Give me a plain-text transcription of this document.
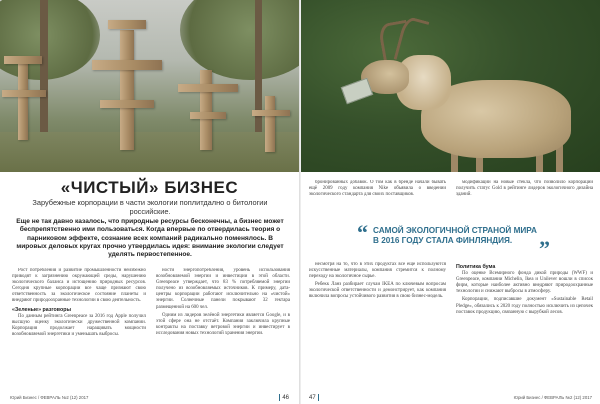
«ЧИСТЫЙ» БИЗНЕС
Зарубежные корпорации в части экологии поплитдално о битологии российские.
Еще не так давно казалось, что природные ресурсы бесконечны, а бизнес может беспрепятственно ими пользоваться. Когда впервые по отвердилась теория о парниковом эффекте, сознание всех компаний радикально поменялось. В мировых деловых кругах прочно утвердилась идея: внимание экологии следует уделять первостепенное.

Рост потребления и развитие промышленности неизбежно приводят к загрязнению окружающей среды, нарушению экологического баланса и истощению природных ресурсов. Сегодня крупные корпорации все чаще признают свою ответственность за экологическое состояние планеты и внедряют природоохранные технологии в свою деятельность.

«Зеленые» разговоры

По данным рейтинга Greenpeace за 2016 год Apple получил высшую оценку экологически дружественной компании. Корпорация продолжает наращивать мощности возобновляемой энергетики и уменьшать выбросы.

ности энергопотребления, уровень использования возобновляемой энергии и инвестиции в этой области. Greenpeace утверждает, что 83 % потребляемой энергии получено из возобновляемых источников. К примеру, дата-центры корпорации работают исключительно на «чистой» энергии. Солнечные панели покрывают 32 гектара размещенной на 600 чел.

Одним из лидеров зелёной энергетики является Google, и в этой сфере она не отстаёт. Компания заключила крупные контракты на поставку ветровой энергии и инвестирует в исследования новых технологий хранения энергии.

Юрий Бизнес / ФЕВРАЛЬ №2 (12) 2017	46

бронированных добавок. О том как в бренде начали бывать ещё 2009 году компания Nike объявила о введении экологического стандарта для своих поставщиков.

модификации на новые стекла, что позволило корпорации получить статус Gold в рейтинге лидеров экологичного дизайна зданий.

“ САМОЙ ЭКОЛОГИЧНОЙ СТРАНОЙ МИРА В 2016 ГОДУ СТАЛА ФИНЛЯНДИЯ.	”

несмотря на то, что в этих продуктах все еще используются искусственные материалы, компания стремится к полному переходу на экологичное сырье.

Ребекк Ланз разбирает случаи IKEA по ключевым вопросам экологической ответственности и демонстрирует, как компания включила вопросы устойчивого развития в свою бизнес-модель.

Политика бума

По оценке Всемирного фонда дикой природы (WWF) и Greenpeace, компании Michelin, Ikea и Unilever вошли в список фирм, которые наиболее активно внедряют природоохранные технологии и снижают выбросы в атмосферу.

Корпорации, подписавшие документ «Sustainable Retail Pledge», обязались к 2020 году полностью исключить из цепочек поставок продукцию, связанную с вырубкой лесов.

47	Юрий Бизнес / ФЕВРАЛЬ №2 (12) 2017
